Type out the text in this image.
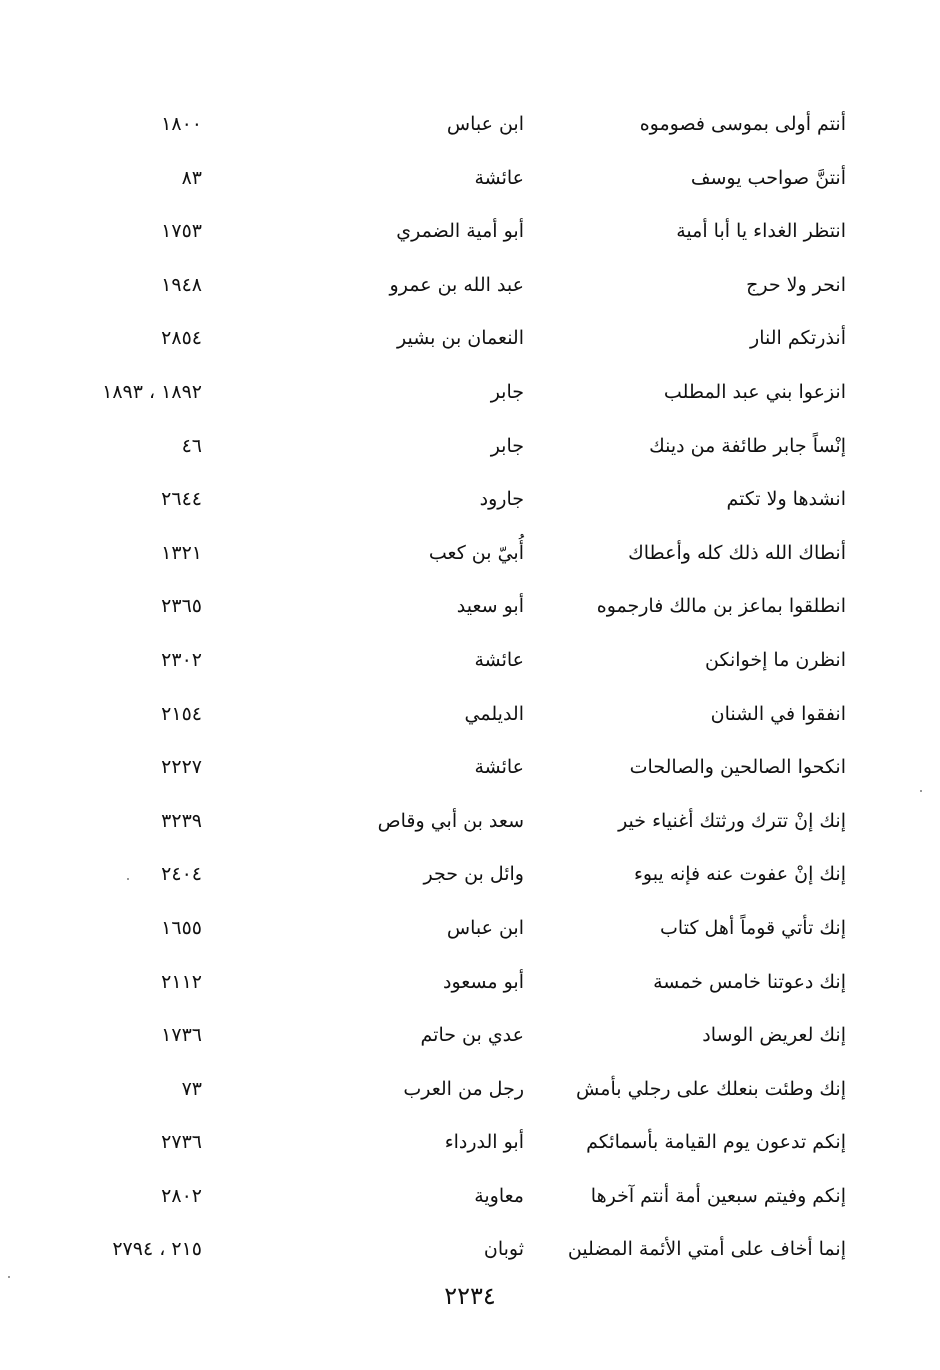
أنتم أولى بموسى فصوموه
ابن عباس
١٨٠٠
أنتنَّ صواحب يوسف
عائشة
٨٣
انتظر الغداء يا أبا أمية
أبو أمية الضمري
١٧٥٣
انحر ولا حرج
عبد الله بن عمرو
١٩٤٨
أنذرتكم النار
النعمان بن بشير
٢٨٥٤
انزعوا بني عبد المطلب
جابر
١٨٩٢ ، ١٨٩٣
إنْساً جابر طائفة من دينك
جابر
٤٦
انشدها ولا تكتم
جارود
٢٦٤٤
أنطاك الله ذلك كله وأعطاك
أُبيّ بن كعب
١٣٢١
انطلقوا بماعز بن مالك فارجموه
أبو سعيد
٢٣٦٥
انظرن ما إخوانكن
عائشة
٢٣٠٢
انفقوا في الشنان
الديلمي
٢١٥٤
انكحوا الصالحين والصالحات
عائشة
٢٢٢٧
إنك إنْ تترك ورثتك أغنياء خير
سعد بن أبي وقاص
٣٢٣٩
إنك إنْ عفوت عنه فإنه يبوء
وائل بن حجر
٢٤٠٤
إنك تأتي قوماً أهل كتاب
ابن عباس
١٦٥٥
إنك دعوتنا خامس خمسة
أبو مسعود
٢١١٢
إنك لعريض الوساد
عدي بن حاتم
١٧٣٦
إنك وطئت بنعلك على رجلي بأمش
رجل من العرب
٧٣
إنكم تدعون يوم القيامة بأسمائكم
أبو الدرداء
٢٧٣٦
إنكم وفيتم سبعين أمة أنتم آخرها
معاوية
٢٨٠٢
إنما أخاف على أمتي الأئمة المضلين
ثوبان
٢١٥ ، ٢٧٩٤
٢٢٣٤
